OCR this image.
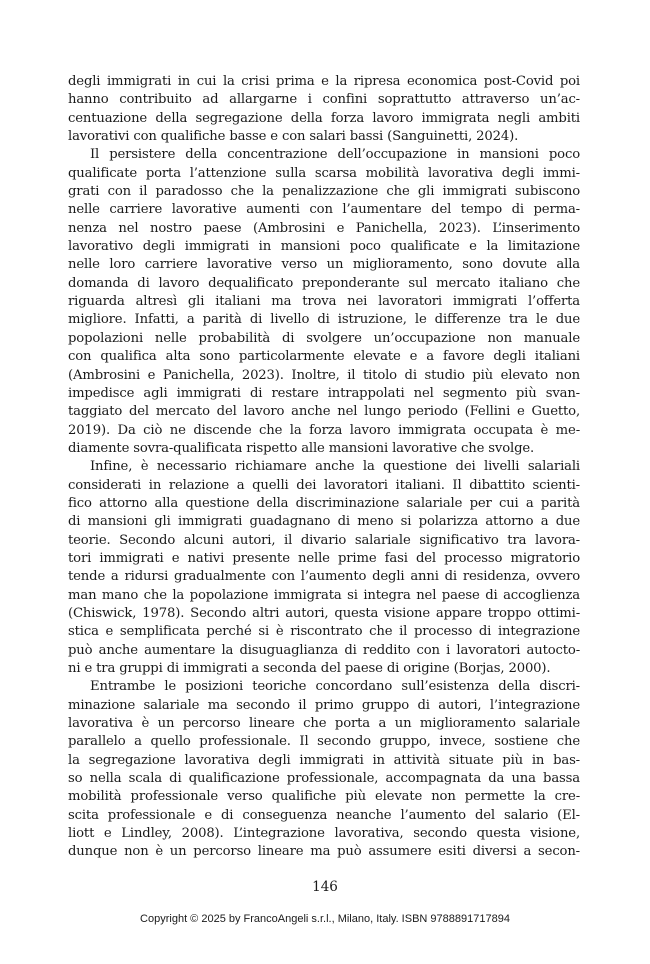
degli immigrati in cui la crisi prima e la ripresa economica post-Covid poi
hanno contribuito ad allargarne i confini soprattutto attraverso un’ac-
centuazione della segregazione della forza lavoro immigrata negli ambiti
lavorativi con qualifiche basse e con salari bassi (Sanguinetti, 2024).
Il persistere della concentrazione dell’occupazione in mansioni poco
qualificate porta l’attenzione sulla scarsa mobilità lavorativa degli immi-
grati con il paradosso che la penalizzazione che gli immigrati subiscono
nelle carriere lavorative aumenti con l’aumentare del tempo di perma-
nenza nel nostro paese (Ambrosini e Panichella, 2023). L’inserimento
lavorativo degli immigrati in mansioni poco qualificate e la limitazione
nelle loro carriere lavorative verso un miglioramento, sono dovute alla
domanda di lavoro dequalificato preponderante sul mercato italiano che
riguarda altresì gli italiani ma trova nei lavoratori immigrati l’offerta
migliore. Infatti, a parità di livello di istruzione, le differenze tra le due
popolazioni nelle probabilità di svolgere un’occupazione non manuale
con qualifica alta sono particolarmente elevate e a favore degli italiani
(Ambrosini e Panichella, 2023). Inoltre, il titolo di studio più elevato non
impedisce agli immigrati di restare intrappolati nel segmento più svan-
taggiato del mercato del lavoro anche nel lungo periodo (Fellini e Guetto,
2019). Da ciò ne discende che la forza lavoro immigrata occupata è me-
diamente sovra-qualificata rispetto alle mansioni lavorative che svolge.
Infine, è necessario richiamare anche la questione dei livelli salariali
considerati in relazione a quelli dei lavoratori italiani. Il dibattito scienti-
fico attorno alla questione della discriminazione salariale per cui a parità
di mansioni gli immigrati guadagnano di meno si polarizza attorno a due
teorie. Secondo alcuni autori, il divario salariale significativo tra lavora-
tori immigrati e nativi presente nelle prime fasi del processo migratorio
tende a ridursi gradualmente con l’aumento degli anni di residenza, ovvero
man mano che la popolazione immigrata si integra nel paese di accoglienza
(Chiswick, 1978). Secondo altri autori, questa visione appare troppo ottimi-
stica e semplificata perché si è riscontrato che il processo di integrazione
può anche aumentare la disuguaglianza di reddito con i lavoratori autocto-
ni e tra gruppi di immigrati a seconda del paese di origine (Borjas, 2000).
Entrambe le posizioni teoriche concordano sull’esistenza della discri-
minazione salariale ma secondo il primo gruppo di autori, l’integrazione
lavorativa è un percorso lineare che porta a un miglioramento salariale
parallelo a quello professionale. Il secondo gruppo, invece, sostiene che
la segregazione lavorativa degli immigrati in attività situate più in bas-
so nella scala di qualificazione professionale, accompagnata da una bassa
mobilità professionale verso qualifiche più elevate non permette la cre-
scita professionale e di conseguenza neanche l’aumento del salario (El-
liott e Lindley, 2008). L’integrazione lavorativa, secondo questa visione,
dunque non è un percorso lineare ma può assumere esiti diversi a secon-
146
Copyright © 2025 by FrancoAngeli s.r.l., Milano, Italy. ISBN 9788891717894
